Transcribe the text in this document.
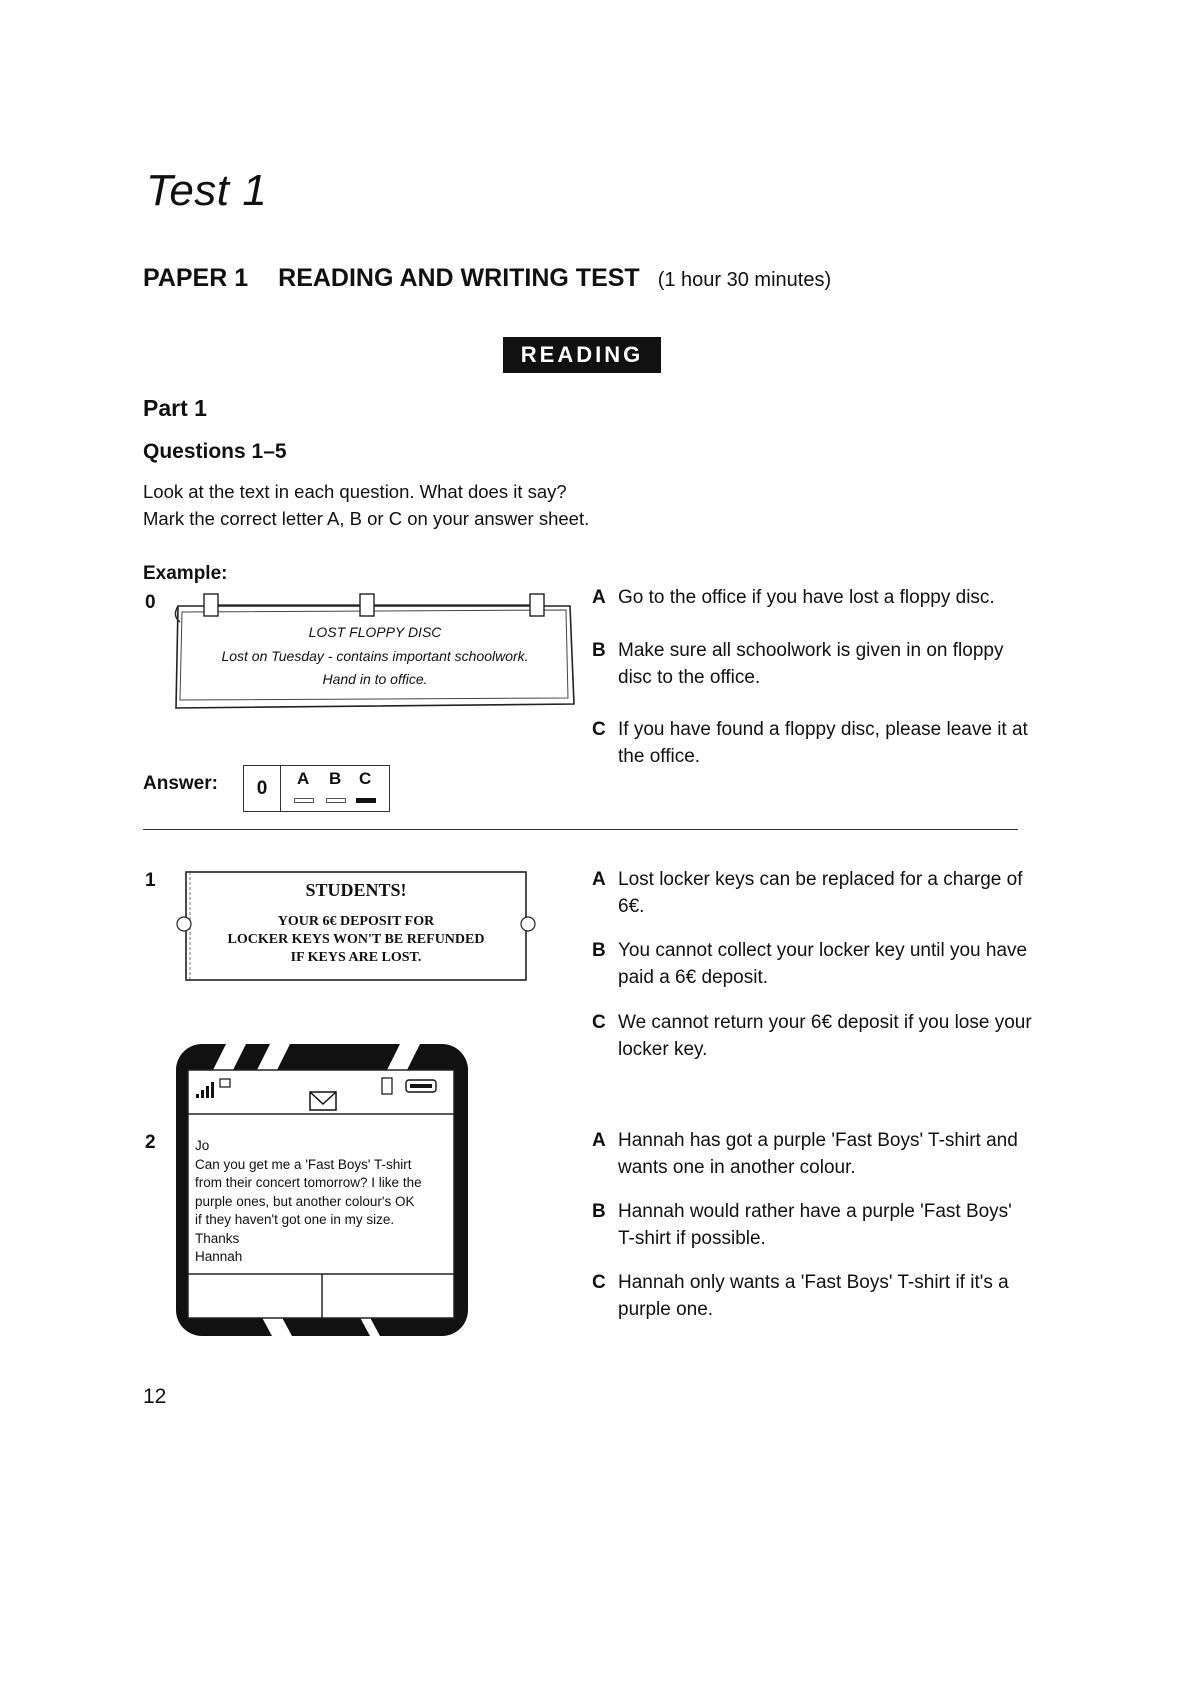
Test 1
PAPER 1 READING AND WRITING TEST (1 hour 30 minutes)
READING
Part 1
Questions 1–5
Look at the text in each question. What does it say?
Mark the correct letter A, B or C on your answer sheet.
Example:
0
LOST FLOPPY DISC
Lost on Tuesday - contains important schoolwork.
Hand in to office.
A Go to the office if you have lost a floppy disc.
B Make sure all schoolwork is given in on floppy disc to the office.
C If you have found a floppy disc, please leave it at the office.
Answer:	0	A B C
1	STUDENTS!
YOUR 6€ DEPOSIT FOR
LOCKER KEYS WON'T BE REFUNDED
IF KEYS ARE LOST.
A Lost locker keys can be replaced for a charge of 6€.
B You cannot collect your locker key until you have paid a 6€ deposit.
C We cannot return your 6€ deposit if you lose your locker key.
2	Jo
Can you get me a 'Fast Boys' T-shirt
from their concert tomorrow? I like the
purple ones, but another colour's OK
if they haven't got one in my size.
Thanks
Hannah
A Hannah has got a purple 'Fast Boys' T-shirt and wants one in another colour.
B Hannah would rather have a purple 'Fast Boys' T-shirt if possible.
C Hannah only wants a 'Fast Boys' T-shirt if it's a purple one.
12
